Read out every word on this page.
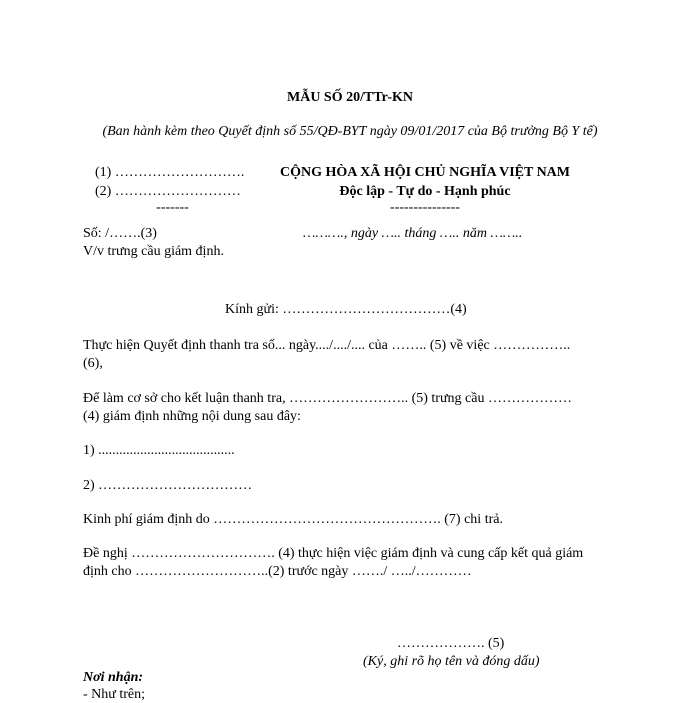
MẪU SỐ 20/TTr-KN
(Ban hành kèm theo Quyết định số 55/QĐ-BYT ngày 09/01/2017 của Bộ trưởng Bộ Y tế)
(1) ……………………….
(2) ………………………
-------
CỘNG HÒA XÃ HỘI CHỦ NGHĨA VIỆT NAM
Độc lập - Tự do - Hạnh phúc
---------------
Số: /…….(3)	………., ngày ….. tháng ….. năm ……..
V/v trưng cầu giám định.
Kính gửi: ………………………………(4)
Thực hiện Quyết định thanh tra số... ngày..../..../.... của …….. (5) về việc ……………..
(6),
Để làm cơ sở cho kết luận thanh tra, …………………….. (5) trưng cầu ………………
(4) giám định những nội dung sau đây:
1) .......................................
2) ……………………………
Kinh phí giám định do …………………………………………. (7) chi trả.
Đề nghị …………………………. (4) thực hiện việc giám định và cung cấp kết quả giám
định cho ………………………..(2) trước ngày ……./ …../…………
………………. (5)
(Ký, ghi rõ họ tên và đóng dấu)
Nơi nhận:
- Như trên;
